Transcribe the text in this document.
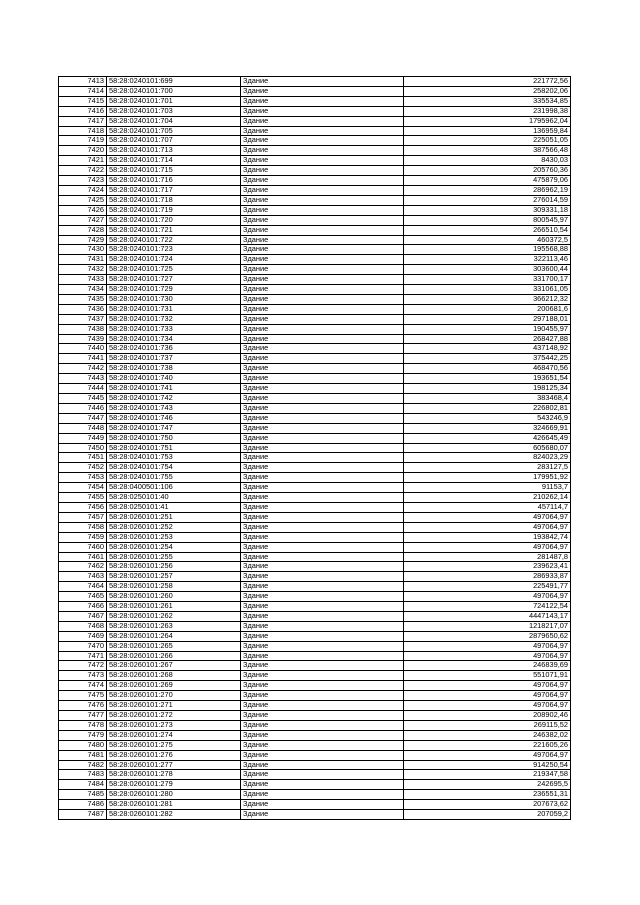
7413	58:28:0240101:699	Здание	221772,56
7414	58:28:0240101:700	Здание	258202,06
7415	58:28:0240101:701	Здание	335534,85
7416	58:28:0240101:703	Здание	231998,38
7417	58:28:0240101:704	Здание	1795962,04
7418	58:28:0240101:705	Здание	136959,84
7419	58:28:0240101:707	Здание	225051,05
7420	58:28:0240101:713	Здание	387566,48
7421	58:28:0240101:714	Здание	8430,03
7422	58:28:0240101:715	Здание	205760,36
7423	58:28:0240101:716	Здание	475879,06
7424	58:28:0240101:717	Здание	286962,19
7425	58:28:0240101:718	Здание	276014,59
7426	58:28:0240101:719	Здание	309331,18
7427	58:28:0240101:720	Здание	800545,97
7428	58:28:0240101:721	Здание	266510,54
7429	58:28:0240101:722	Здание	460372,5
7430	58:28:0240101:723	Здание	195568,88
7431	58:28:0240101:724	Здание	322113,46
7432	58:28:0240101:725	Здание	303600,44
7433	58:28:0240101:727	Здание	331700,17
7434	58:28:0240101:729	Здание	331061,05
7435	58:28:0240101:730	Здание	366212,32
7436	58:28:0240101:731	Здание	200681,6
7437	58:28:0240101:732	Здание	297188,01
7438	58:28:0240101:733	Здание	190455,97
7439	58:28:0240101:734	Здание	268427,88
7440	58:28:0240101:736	Здание	437148,92
7441	58:28:0240101:737	Здание	375442,25
7442	58:28:0240101:738	Здание	468470,56
7443	58:28:0240101:740	Здание	193651,54
7444	58:28:0240101:741	Здание	198125,34
7445	58:28:0240101:742	Здание	383468,4
7446	58:28:0240101:743	Здание	226802,81
7447	58:28:0240101:746	Здание	543246,9
7448	58:28:0240101:747	Здание	324669,91
7449	58:28:0240101:750	Здание	426645,49
7450	58:28:0240101:751	Здание	605680,07
7451	58:28:0240101:753	Здание	824023,29
7452	58:28:0240101:754	Здание	283127,5
7453	58:28:0240101:755	Здание	179951,92
7454	58:28:0400501:106	Здание	91153,7
7455	58:28:0250101:40	Здание	210262,14
7456	58:28:0250101:41	Здание	457114,7
7457	58:28:0260101:251	Здание	497064,97
7458	58:28:0260101:252	Здание	497064,97
7459	58:28:0260101:253	Здание	193842,74
7460	58:28:0260101:254	Здание	497064,97
7461	58:28:0260101:255	Здание	281487,8
7462	58:28:0260101:256	Здание	239623,41
7463	58:28:0260101:257	Здание	286933,87
7464	58:28:0260101:258	Здание	225491,77
7465	58:28:0260101:260	Здание	497064,97
7466	58:28:0260101:261	Здание	724122,54
7467	58:28:0260101:262	Здание	4447143,17
7468	58:28:0260101:263	Здание	1218217,07
7469	58:28:0260101:264	Здание	2879650,62
7470	58:28:0260101:265	Здание	497064,97
7471	58:28:0260101:266	Здание	497064,97
7472	58:28:0260101:267	Здание	246839,69
7473	58:28:0260101:268	Здание	551071,91
7474	58:28:0260101:269	Здание	497064,97
7475	58:28:0260101:270	Здание	497064,97
7476	58:28:0260101:271	Здание	497064,97
7477	58:28:0260101:272	Здание	208902,46
7478	58:28:0260101:273	Здание	269115,52
7479	58:28:0260101:274	Здание	246382,02
7480	58:28:0260101:275	Здание	221605,26
7481	58:28:0260101:276	Здание	497064,97
7482	58:28:0260101:277	Здание	914250,54
7483	58:28:0260101:278	Здание	219347,58
7484	58:28:0260101:279	Здание	242695,5
7485	58:28:0260101:280	Здание	236551,31
7486	58:28:0260101:281	Здание	207673,62
7487	58:28:0260101:282	Здание	207059,2
